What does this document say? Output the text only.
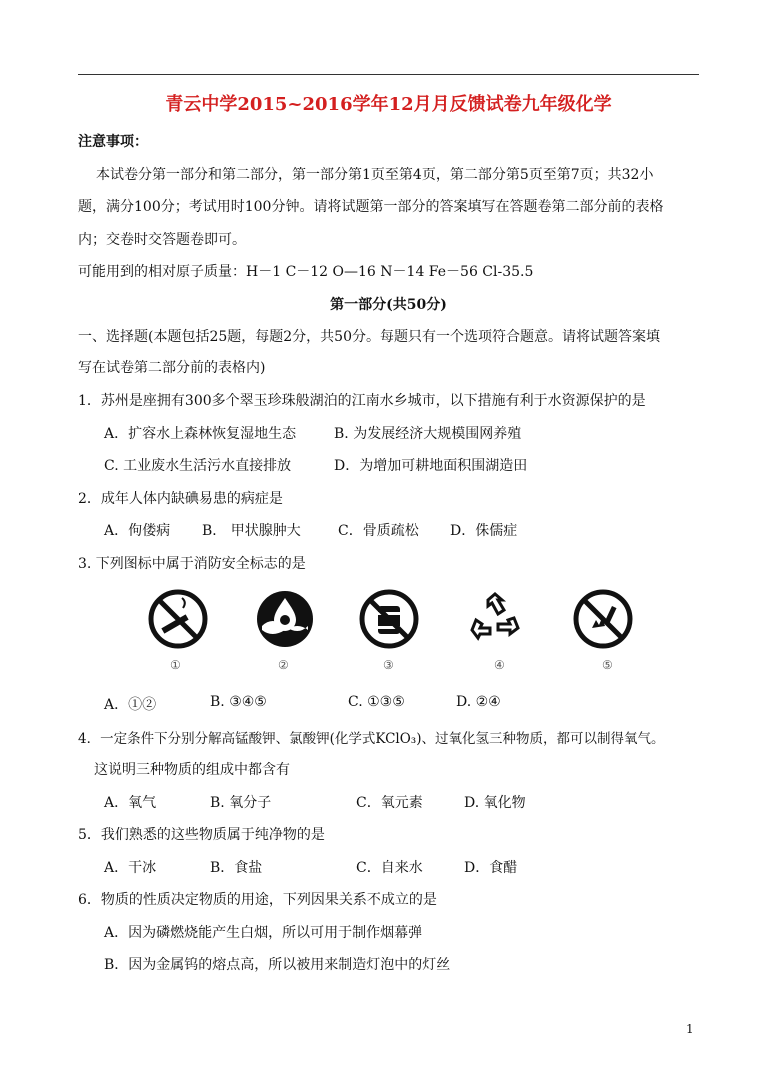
青云中学2015~2016学年12月月反馈试卷九年级化学
注意事项：
本试卷分第一部分和第二部分，第一部分第1页至第4页，第二部分第5页至第7页；共32小
题，满分100分；考试用时100分钟。请将试题第一部分的答案填写在答题卷第二部分前的表格
内；交卷时交答题卷即可。
可能用到的相对原子质量：H－1 C－12 O—16 N－14 Fe－56 Cl-35.5
第一部分(共50分)
一、选择题(本题包括25题，每题2分，共50分。每题只有一个选项符合题意。请将试题答案填
写在试卷第二部分前的表格内)
1．苏州是座拥有300多个翠玉珍珠般湖泊的江南水乡城市，以下措施有利于水资源保护的是
A．扩容水上森林恢复湿地生态	B. 为发展经济大规模围网养殖
C. 工业废水生活污水直接排放	D．为增加可耕地面积围湖造田
2．成年人体内缺碘易患的病症是
A．佝偻病 B． 甲状腺肿大	C．骨质疏松 D．侏儒症
3. 下列图标中属于消防安全标志的是
①	②	③	④	⑤
A．①②	B. ③④⑤	C. ①③⑤	D. ②④
4．一定条件下分别分解高锰酸钾、氯酸钾(化学式KClO₃)、过氧化氢三种物质，都可以制得氧气。
这说明三种物质的组成中都含有
A．氧气	B. 氧分子	C．氧元素	D. 氧化物
5．我们熟悉的这些物质属于纯净物的是
A．干冰	B．食盐	C．自来水	D．食醋
6．物质的性质决定物质的用途，下列因果关系不成立的是
A．因为磷燃烧能产生白烟，所以可用于制作烟幕弹
B．因为金属钨的熔点高，所以被用来制造灯泡中的灯丝
1
